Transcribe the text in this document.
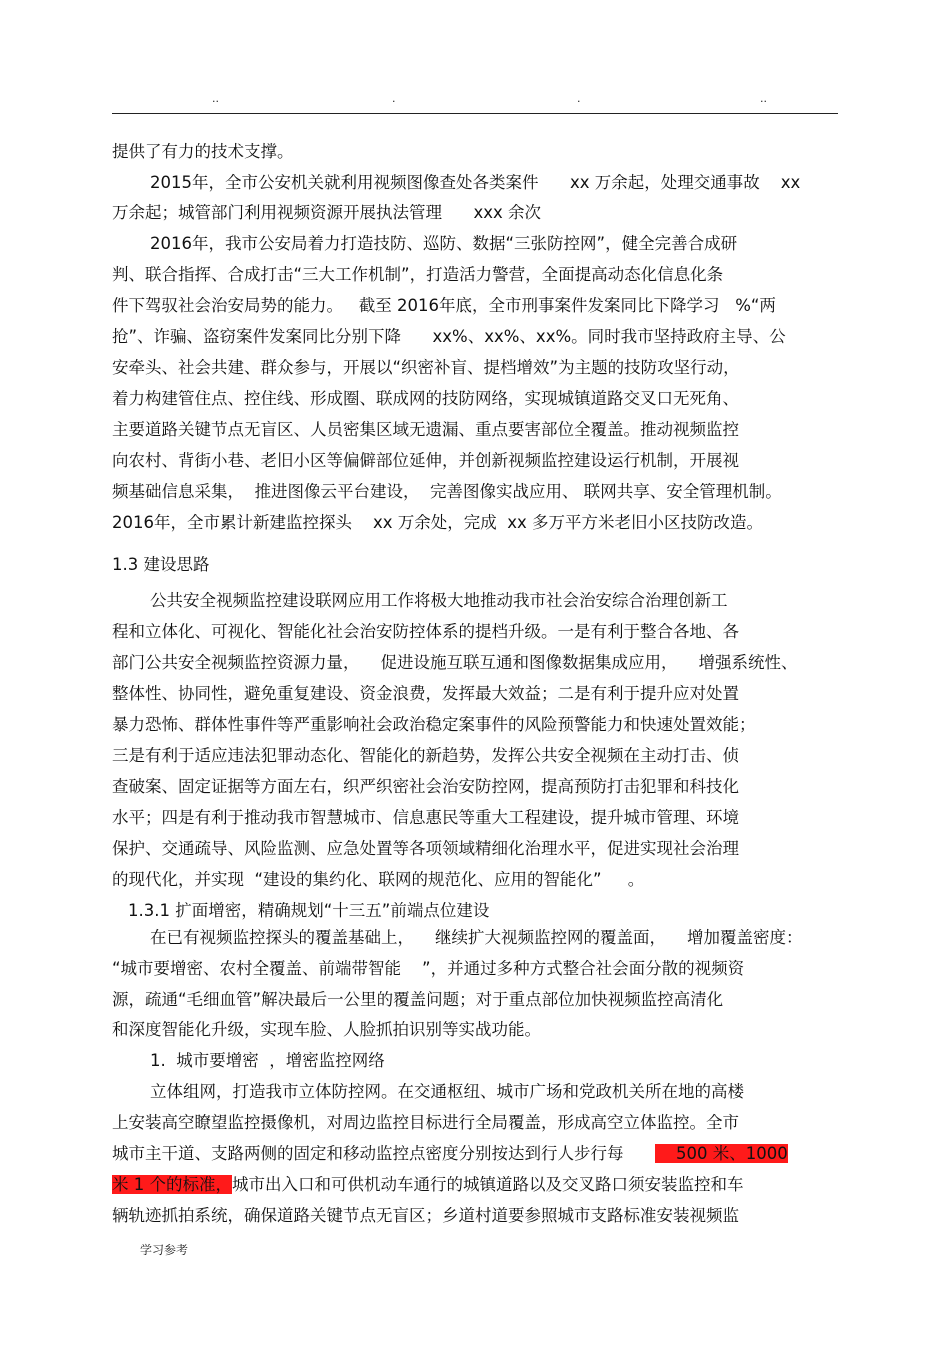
..	.	.	..
提供了有力的技术支撑。
2015年，全市公安机关就利用视频图像查处各类案件      xx 万余起，处理交通事故    xx
万余起；城管部门利用视频资源开展执法管理      xxx 余次
2016年，我市公安局着力打造技防、巡防、数据“三张防控网”，健全完善合成研
判、联合指挥、合成打击“三大工作机制”，打造活力警营，全面提高动态化信息化条
件下驾驭社会治安局势的能力。   截至 2016年底，全市刑事案件发案同比下降学习   %“两
抢”、诈骗、盗窃案件发案同比分别下降      xx%、xx%、xx%。同时我市坚持政府主导、公
安牵头、社会共建、群众参与，开展以“织密补盲、提档增效”为主题的技防攻坚行动，
着力构建管住点、控住线、形成圈、联成网的技防网络，实现城镇道路交叉口无死角、
主要道路关键节点无盲区、人员密集区域无遗漏、重点要害部位全覆盖。推动视频监控
向农村、背街小巷、老旧小区等偏僻部位延伸，并创新视频监控建设运行机制，开展视
频基础信息采集，  推进图像云平台建设，  完善图像实战应用、 联网共享、安全管理机制。
2016年，全市累计新建监控探头    xx 万余处，完成  xx 多万平方米老旧小区技防改造。
1.3 建设思路
公共安全视频监控建设联网应用工作将极大地推动我市社会治安综合治理创新工
程和立体化、可视化、智能化社会治安防控体系的提档升级。一是有利于整合各地、各
部门公共安全视频监控资源力量，    促进设施互联互通和图像数据集成应用，    增强系统性、
整体性、协同性，避免重复建设、资金浪费，发挥最大效益；二是有利于提升应对处置
暴力恐怖、群体性事件等严重影响社会政治稳定案事件的风险预警能力和快速处置效能；
三是有利于适应违法犯罪动态化、智能化的新趋势，发挥公共安全视频在主动打击、侦
查破案、固定证据等方面左右，织严织密社会治安防控网，提高预防打击犯罪和科技化
水平；四是有利于推动我市智慧城市、信息惠民等重大工程建设，提升城市管理、环境
保护、交通疏导、风险监测、应急处置等各项领域精细化治理水平，促进实现社会治理
的现代化，并实现  “建设的集约化、联网的规范化、应用的智能化”     。
1.3.1 扩面增密，精确规划“十三五”前端点位建设
在已有视频监控探头的覆盖基础上，    继续扩大视频监控网的覆盖面，    增加覆盖密度：
“城市要增密、农村全覆盖、前端带智能    ”，并通过多种方式整合社会面分散的视频资
源，疏通“毛细血管”解决最后一公里的覆盖问题；对于重点部位加快视频监控高清化
和深度智能化升级，实现车脸、人脸抓拍识别等实战功能。
1.  城市要增密  ，增密监控网络
立体组网，打造我市立体防控网。在交通枢纽、城市广场和党政机关所在地的高楼
上安装高空瞭望监控摄像机，对周边监控目标进行全局覆盖，形成高空立体监控。全市
城市主干道、支路两侧的固定和移动监控点密度分别按达到行人步行每          500 米、1000
米 1 个的标准，城市出入口和可供机动车通行的城镇道路以及交叉路口须安装监控和车
辆轨迹抓拍系统，确保道路关键节点无盲区；乡道村道要参照城市支路标准安装视频监
学习参考
